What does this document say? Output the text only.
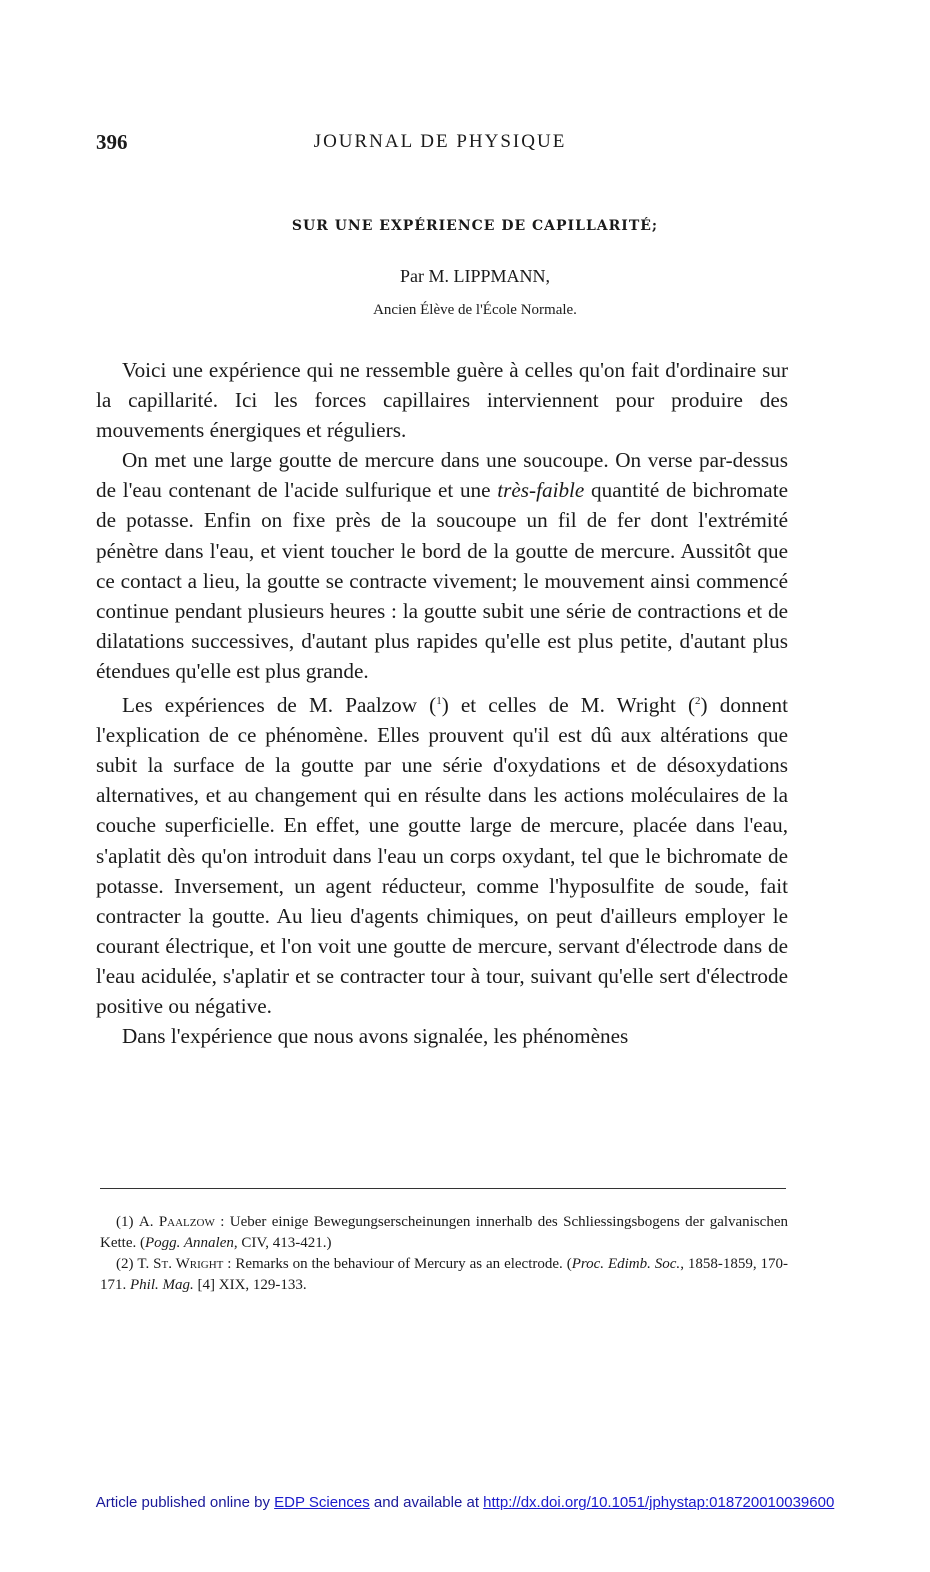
396	JOURNAL DE PHYSIQUE
SUR UNE EXPÉRIENCE DE CAPILLARITÉ;
Par M. LIPPMANN,
Ancien Élève de l'École Normale.

Voici une expérience qui ne ressemble guère à celles qu'on fait d'ordinaire sur la capillarité. Ici les forces capillaires interviennent pour produire des mouvements énergiques et réguliers.

On met une large goutte de mercure dans une soucoupe. On verse par-dessus de l'eau contenant de l'acide sulfurique et une très-faible quantité de bichromate de potasse. Enfin on fixe près de la soucoupe un fil de fer dont l'extrémité pénètre dans l'eau, et vient toucher le bord de la goutte de mercure. Aussitôt que ce contact a lieu, la goutte se contracte vivement; le mouvement ainsi commencé continue pendant plusieurs heures : la goutte subit une série de contractions et de dilatations successives, d'autant plus rapides qu'elle est plus petite, d'autant plus étendues qu'elle est plus grande.

Les expériences de M. Paalzow ($^1$) et celles de M. Wright ($^2$) donnent l'explication de ce phénomène. Elles prouvent qu'il est dû aux altérations que subit la surface de la goutte par une série d'oxydations et de désoxydations alternatives, et au changement qui en résulte dans les actions moléculaires de la couche superficielle. En effet, une goutte large de mercure, placée dans l'eau, s'aplatit dès qu'on introduit dans l'eau un corps oxydant, tel que le bichromate de potasse. Inversement, un agent réducteur, comme l'hyposulfite de soude, fait contracter la goutte. Au lieu d'agents chimiques, on peut d'ailleurs employer le courant électrique, et l'on voit une goutte de mercure, servant d'électrode dans de l'eau acidulée, s'aplatir et se contracter tour à tour, suivant qu'elle sert d'électrode positive ou négative.

Dans l'expérience que nous avons signalée, les phénomènes

(1) A. Paalzow : Ueber einige Bewegungserscheinungen innerhalb des Schliessingsbogens der galvanischen Kette. (Pogg. Annalen, CIV, 413-421.)

(2) T. St. Wright : Remarks on the behaviour of Mercury as an electrode. (Proc. Edimb. Soc., 1858-1859, 170-171. Phil. Mag. [4] XIX, 129-133.

Article published online by EDP Sciences and available at http://dx.doi.org/10.1051/jphystap:018720010039600
